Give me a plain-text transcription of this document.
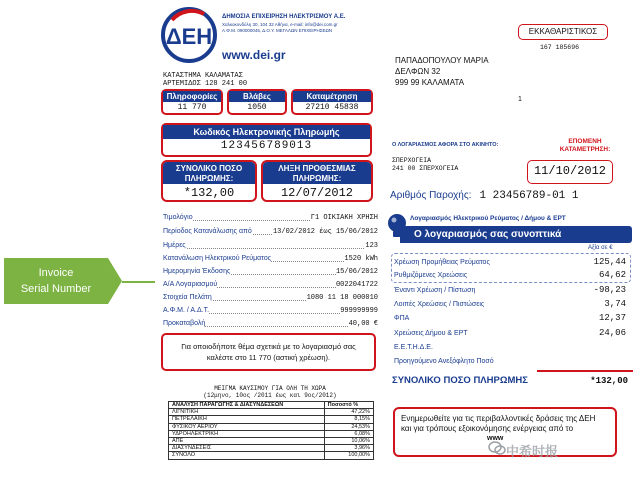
ΔΕΗ
ΔΗΜΟΣΙΑ ΕΠΙΧΕΙΡΗΣΗ ΗΛΕΚΤΡΙΣΜΟΥ Α.Ε.
Χαλκοκονδύλη 30, 104 32 Αθήνα, e-mail: info@dei.com.gr
Α.Φ.Μ. 090000045, Δ.Ο.Υ. ΜΕΓΑΛΩΝ ΕΠΙΧΕΙΡΗΣΕΩΝ
www.dei.gr
ΚΑΤΑΣΤΗΜΑ ΚΑΛΑΜΑΤΑΣ
ΑΡΤΕΜΙΔΟΣ 128 241 00
Πληροφορίες
11 770
Βλάβες
1050
Καταμέτρηση
27210 45838
Κωδικός Ηλεκτρονικής Πληρωμής
123456789013
ΣΥΝΟΛΙΚΟ ΠΟΣΟ
ΠΛΗΡΩΜΗΣ:
*132,00
ΛΗΞΗ ΠΡΟΘΕΣΜΙΑΣ
ΠΛΗΡΩΜΗΣ:
12/07/2012
Τιμολόγιο	Γ1 ΟΙΚΙΑΚΗ ΧΡΗΣΗ
Περίοδος Κατανάλωσης από	13/02/2012 έως 15/06/2012
Ημέρες	123
Κατανάλωση Ηλεκτρικού Ρεύματος	1520 kWh
Ημερομηνία Έκδοσης	15/06/2012
Α/Α Λογαριασμού	0022041722
Στοιχεία Πελάτη	1080 11 18 000010
Α.Φ.Μ. / Α.Δ.Τ.	999999999
Προκαταβολή	40,00 €
Για οποιοδήποτε θέμα σχετικά με το λογαριασμό σας
καλέστε στο 11 770 (αστική χρέωση).
ΜΕΙΓΜΑ ΚΑΥΣΙΜΟΥ ΓΙΑ ΟΛΗ ΤΗ ΧΩΡΑ
(12μηνο, 10ος /2011 έως και 9ος/2012)
ΑΝΑΛΥΣΗ ΠΑΡΑΓΩΓΗΣ & ΔΙΑΣΥΝΔΕΣΕΩΝ	Ποσοστό %
ΛΙΓΝΙΤΙΚΗ	47,22%
ΠΕΤΡΕΛΑΙΚΗ	8,15%
ΦΥΣΙΚΟΥ ΑΕΡΙΟΥ	24,53%
ΥΔΡΟΗΛΕΚΤΡΙΚΗ	6,08%
ΑΠΕ	10,06%
ΔΙΑΣΥΝΔΕΣΕΙΣ	3,96%
ΣΥΝΟΛΟ	100,00%
ΕΚΚΑΘΑΡΙΣΤΙΚΟΣ
167 185696
ΠΑΠΑΔΟΠΟΥΛΟΥ ΜΑΡΙΑ
ΔΕΛΦΩΝ 32
999 99 ΚΑΛΑΜΑΤΑ
1
Ο ΛΟΓΑΡΙΑΣΜΟΣ ΑΦΟΡΑ ΣΤΟ ΑΚΙΝΗΤΟ:
ΣΠΕΡΧΟΓΕΙΑ
241 00 ΣΠΕΡΧΟΓΕΙΑ
ΕΠΟΜΕΝΗ
ΚΑΤΑΜΕΤΡΗΣΗ:
11/10/2012
Αριθμός Παροχής: 1 23456789-01 1
Λογαριασμός Ηλεκτρικού Ρεύματος / Δήμου & ΕΡΤ
Ο λογαριασμός σας συνοπτικά
Αξία σε €
Χρέωση Προμήθειας Ρεύματος	125,44
Ρυθμιζόμενες Χρεώσεις	64,62
Έναντι Χρέωση / Πίστωση	-98,23
Λοιπές Χρεώσεις / Πιστώσεις	3,74
ΦΠΑ	12,37
Χρεώσεις Δήμου & ΕΡΤ	24,06
Ε.Ε.Τ.Η.Δ.Ε.
Προηγούμενο Ανεξόφλητο Ποσό
ΣΥΝΟΛΙΚΟ ΠΟΣΟ ΠΛΗΡΩΜΗΣ	*132,00
Ενημερωθείτε για τις περιβαλλοντικές δράσεις της ΔΕΗ
και για τρόπους εξοικονόμησης ενέργειας από το
www
Invoice
Serial Number
中希时报
